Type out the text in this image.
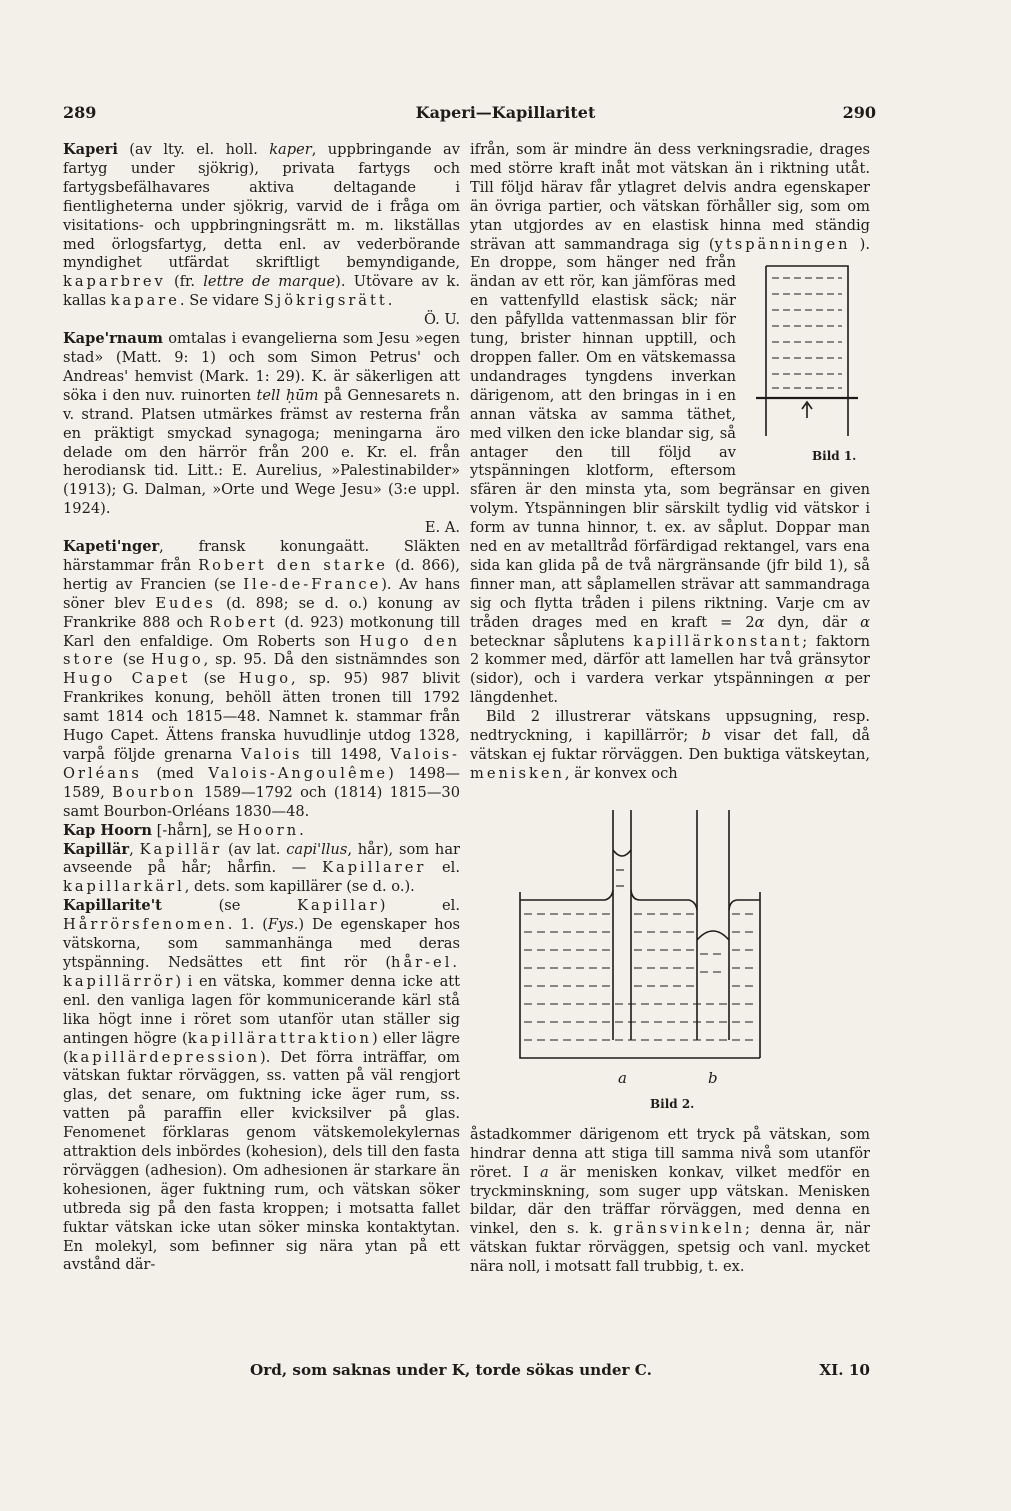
289	Kaperi—Kapillaritet	290

Kaperi (av lty. el. holl. kaper, uppbringande av fartyg under sjökrig), privata fartygs och fartygsbefälhavares aktiva deltagande i fientligheterna under sjökrig, varvid de i fråga om visitations- och uppbringningsrätt m. m. likställas med örlogsfartyg, detta enl. av vederbörande myndighet utfärdat skriftligt bemyndigande, kaparbrev (fr. lettre de marque). Utövare av k. kallas kapare. Se vidare Sjökrigsrätt.
Ö. U.

Kape'rnaum omtalas i evangelierna som Jesu »egen stad» (Matt. 9: 1) och som Simon Petrus' och Andreas' hemvist (Mark. 1: 29). K. är säkerligen att söka i den nuv. ruinorten tell ḥūm på Gennesarets n. v. strand. Platsen utmärkes främst av resterna från en präktigt smyckad synagoga; meningarna äro delade om den härrör från 200 e. Kr. el. från herodiansk tid. Litt.: E. Aurelius, »Palestinabilder» (1913); G. Dalman, »Orte und Wege Jesu» (3:e uppl. 1924).
E. A.

Kapeti'nger, fransk konungaätt. Släkten härstammar från Robert den starke (d. 866), hertig av Francien (se Ile-de-France). Av hans söner blev Eudes (d. 898; se d. o.) konung av Frankrike 888 och Robert (d. 923) motkonung till Karl den enfaldige. Om Roberts son Hugo den store (se Hugo, sp. 95. Då den sistnämndes son Hugo Capet (se Hugo, sp. 95) 987 blivit Frankrikes konung, behöll ätten tronen till 1792 samt 1814 och 1815—48. Namnet k. stammar från Hugo Capet. Ättens franska huvudlinje utdog 1328, varpå följde grenarna Valois till 1498, Valois-Orléans (med Valois-Angoulême) 1498—1589, Bourbon 1589—1792 och (1814) 1815—30 samt Bourbon-Orléans 1830—48.

Kap Hoorn [-hårn], se Hoorn.

Kapillär, Kapillär (av lat. capi'llus, hår), som har avseende på hår; hårfin. — Kapillarer el. kapillarkärl, dets. som kapillärer (se d. o.).

Kapillarite't (se Kapillar) el. Hårrörsfenomen. 1. (Fys.) De egenskaper hos vätskorna, som sammanhänga med deras ytspänning. Nedsättes ett fint rör (hår-el. kapillärrör) i en vätska, kommer denna icke att enl. den vanliga lagen för kommunicerande kärl stå lika högt inne i röret som utanför utan ställer sig antingen högre (kapillärattraktion) eller lägre (kapillärdepression). Det förra inträffar, om vätskan fuktar rörväggen, ss. vatten på väl rengjort glas, det senare, om fuktning icke äger rum, ss. vatten på paraffin eller kvicksilver på glas. Fenomenet förklaras genom vätskemolekylernas attraktion dels inbördes (kohesion), dels till den fasta rörväggen (adhesion). Om adhesionen är starkare än kohesionen, äger fuktning rum, och vätskan söker utbreda sig på den fasta kroppen; i motsatta fallet fuktar vätskan icke utan söker minska kontaktytan. En molekyl, som befinner sig nära ytan på ett avstånd där-

ifrån, som är mindre än dess verkningsradie, drages med större kraft inåt mot vätskan än i riktning utåt. Till följd härav får ytlagret delvis andra egenskaper än övriga partier, och vätskan förhåller sig, som om ytan utgjordes av en elastisk hinna med ständig strävan att sammandraga sig (ytspänningen
Bild 1.
). En droppe, som hänger ned från ändan av ett rör, kan jämföras med en vattenfylld elastisk säck; när den påfyllda vattenmassan blir för tung, brister hinnan upptill, och droppen faller. Om en vätskemassa undandrages tyngdens inverkan därigenom, att den bringas in i en annan vätska av samma täthet, med vilken den icke blandar sig, så antager den till följd av ytspänningen klotform, eftersom sfären är den minsta yta, som begränsar en given volym. Ytspänningen blir särskilt tydlig vid vätskor i form av tunna hinnor, t. ex. av såplut. Doppar man ned en av metalltråd förfärdigad rektangel, vars ena sida kan glida på de två närgränsande (jfr bild 1), så finner man, att såplamellen strävar att sammandraga sig och flytta tråden i pilens riktning. Varje cm av tråden drages med en kraft = 2α dyn, där α betecknar såplutens kapillärkonstant; faktorn 2 kommer med, därför att lamellen har två gränsytor (sidor), och i vardera verkar ytspänningen α per längdenhet.

Bild 2 illustrerar vätskans uppsugning, resp. nedtryckning, i kapillärrör; b visar det fall, då vätskan ej fuktar rörväggen. Den buktiga vätskeytan, menisken, är konvex och

a	b
Bild 2.

åstadkommer därigenom ett tryck på vätskan, som hindrar denna att stiga till samma nivå som utanför röret. I a är menisken konkav, vilket medför en tryckminskning, som suger upp vätskan. Menisken bildar, där den träffar rörväggen, med denna en vinkel, den s. k. gränsvinkeln; denna är, när vätskan fuktar rörväggen, spetsig och vanl. mycket nära noll, i motsatt fall trubbig, t. ex.

Ord, som saknas under K, torde sökas under C.	XI. 10
